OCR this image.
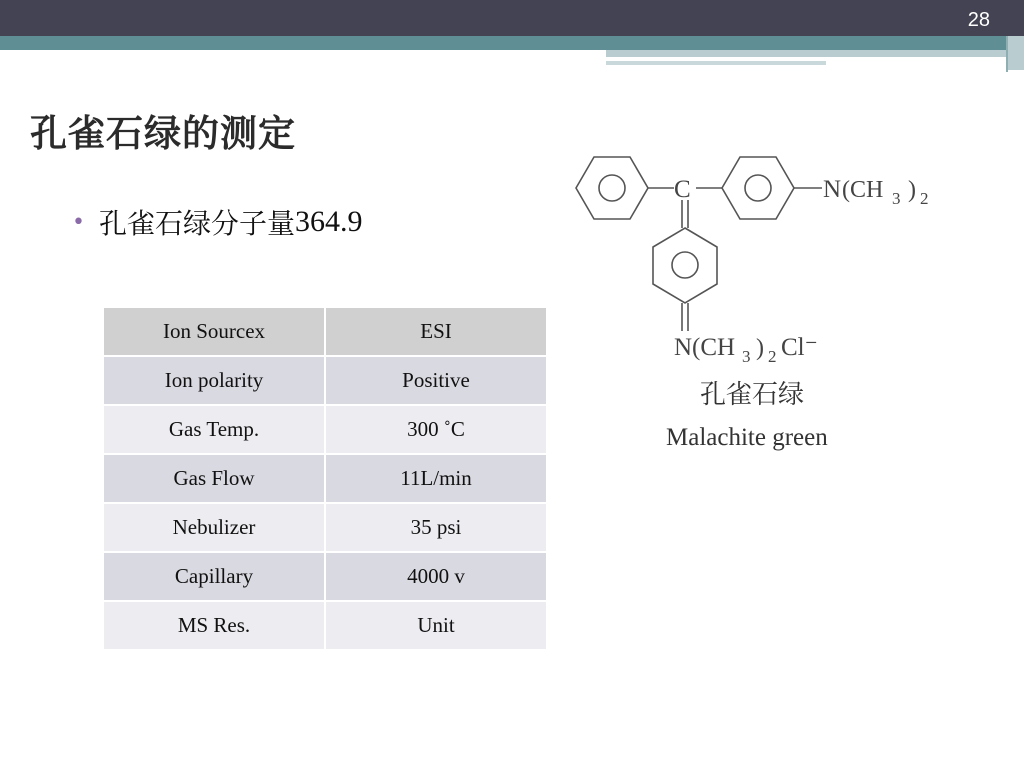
28
孔雀石绿的测定
• 孔雀石绿分子量 364.9
Ion Sourcex	ESI
Ion polarity	Positive
Gas Temp.	300 ˚C
Gas Flow	11L/min
Nebulizer	35 psi
Capillary	4000 v
MS Res.	Unit
C	N (CH 3 ) 2
N(CH 3 ) 2 Cl⁻
孔雀石绿
Malachite green
